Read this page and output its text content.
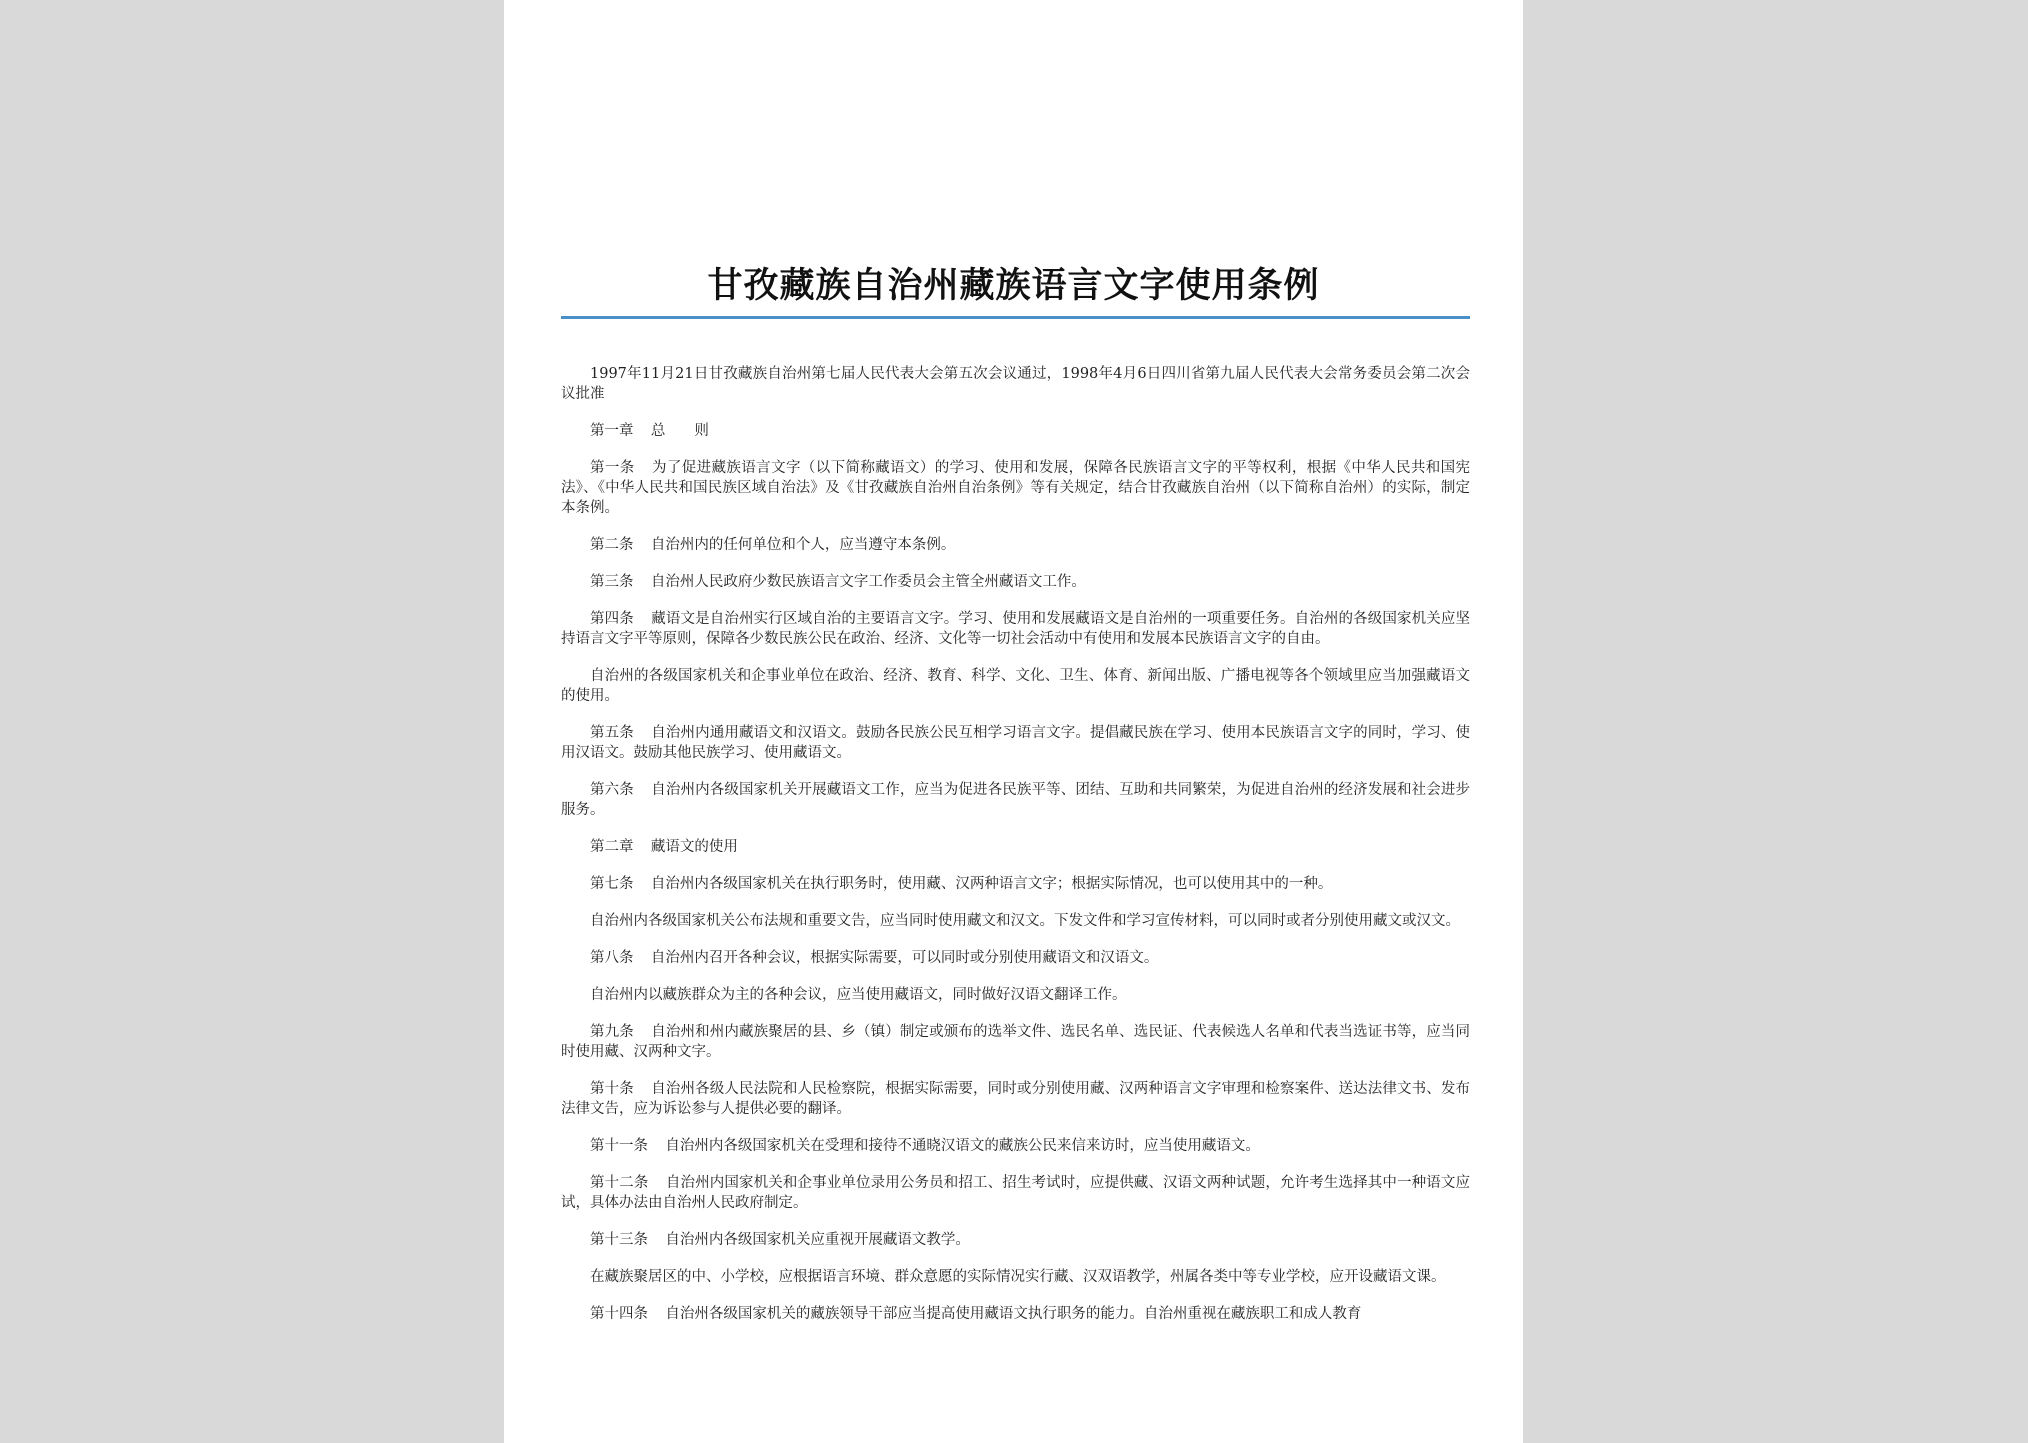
甘孜藏族自治州藏族语言文字使用条例

1997年11月21日甘孜藏族自治州第七届人民代表大会第五次会议通过，1998年4月6日四川省第九届人民代表大会常务委员会第二次会议批准

第一章 总　　则

第一条 为了促进藏族语言文字（以下简称藏语文）的学习、使用和发展，保障各民族语言文字的平等权利，根据《中华人民共和国宪法》、《中华人民共和国民族区域自治法》及《甘孜藏族自治州自治条例》等有关规定，结合甘孜藏族自治州（以下简称自治州）的实际，制定本条例。

第二条 自治州内的任何单位和个人，应当遵守本条例。

第三条 自治州人民政府少数民族语言文字工作委员会主管全州藏语文工作。

第四条 藏语文是自治州实行区域自治的主要语言文字。学习、使用和发展藏语文是自治州的一项重要任务。自治州的各级国家机关应坚持语言文字平等原则，保障各少数民族公民在政治、经济、文化等一切社会活动中有使用和发展本民族语言文字的自由。

自治州的各级国家机关和企事业单位在政治、经济、教育、科学、文化、卫生、体育、新闻出版、广播电视等各个领域里应当加强藏语文的使用。

第五条 自治州内通用藏语文和汉语文。鼓励各民族公民互相学习语言文字。提倡藏民族在学习、使用本民族语言文字的同时，学习、使用汉语文。鼓励其他民族学习、使用藏语文。

第六条 自治州内各级国家机关开展藏语文工作，应当为促进各民族平等、团结、互助和共同繁荣，为促进自治州的经济发展和社会进步服务。

第二章 藏语文的使用

第七条 自治州内各级国家机关在执行职务时，使用藏、汉两种语言文字；根据实际情况，也可以使用其中的一种。

自治州内各级国家机关公布法规和重要文告，应当同时使用藏文和汉文。下发文件和学习宣传材料，可以同时或者分别使用藏文或汉文。

第八条 自治州内召开各种会议，根据实际需要，可以同时或分别使用藏语文和汉语文。

自治州内以藏族群众为主的各种会议，应当使用藏语文，同时做好汉语文翻译工作。

第九条 自治州和州内藏族聚居的县、乡（镇）制定或颁布的选举文件、选民名单、选民证、代表候选人名单和代表当选证书等，应当同时使用藏、汉两种文字。

第十条 自治州各级人民法院和人民检察院，根据实际需要，同时或分别使用藏、汉两种语言文字审理和检察案件、送达法律文书、发布法律文告，应为诉讼参与人提供必要的翻译。

第十一条 自治州内各级国家机关在受理和接待不通晓汉语文的藏族公民来信来访时，应当使用藏语文。

第十二条 自治州内国家机关和企事业单位录用公务员和招工、招生考试时，应提供藏、汉语文两种试题，允许考生选择其中一种语文应试，具体办法由自治州人民政府制定。

第十三条 自治州内各级国家机关应重视开展藏语文教学。

在藏族聚居区的中、小学校，应根据语言环境、群众意愿的实际情况实行藏、汉双语教学，州属各类中等专业学校，应开设藏语文课。

第十四条 自治州各级国家机关的藏族领导干部应当提高使用藏语文执行职务的能力。自治州重视在藏族职工和成人教育
